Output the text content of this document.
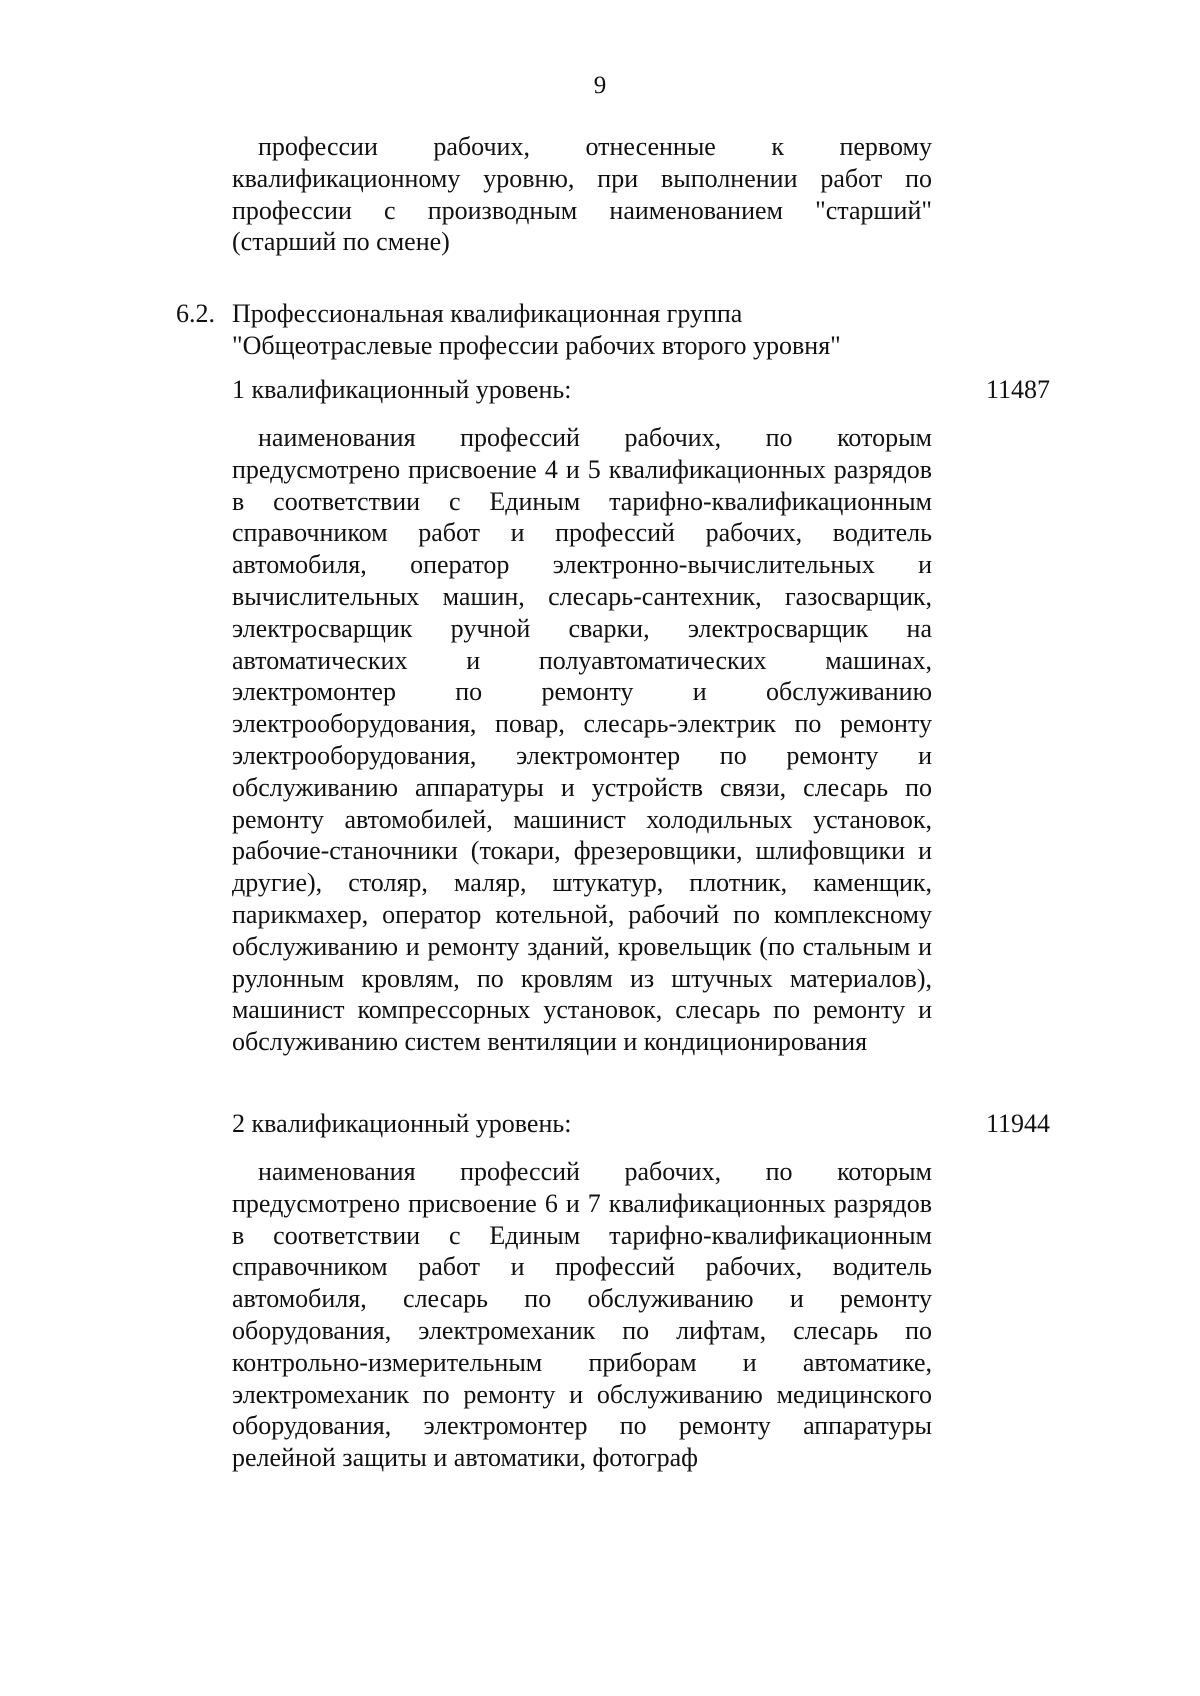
9
профессии рабочих, отнесенные к первому квалификационному уровню, при выполнении работ по профессии с производным наименованием "старший" (старший по смене)
6.2. Профессиональная квалификационная группа
"Общеотраслевые профессии рабочих второго уровня"
1 квалификационный уровень:	11487
наименования профессий рабочих, по которым предусмотрено присвоение 4 и 5 квалификационных разрядов в соответствии с Единым тарифно-квалификационным справочником работ и профессий рабочих, водитель автомобиля, оператор электронно-вычислительных и вычислительных машин, слесарь-сантехник, газосварщик, электросварщик ручной сварки, электросварщик на автоматических и полуавтоматических машинах, электромонтер по ремонту и обслуживанию электрооборудования, повар, слесарь-электрик по ремонту электрооборудования, электромонтер по ремонту и обслуживанию аппаратуры и устройств связи, слесарь по ремонту автомобилей, машинист холодильных установок, рабочие-станочники (токари, фрезеровщики, шлифовщики и другие), столяр, маляр, штукатур, плотник, каменщик, парикмахер, оператор котельной, рабочий по комплексному обслуживанию и ремонту зданий, кровельщик (по стальным и рулонным кровлям, по кровлям из штучных материалов), машинист компрессорных установок, слесарь по ремонту и обслуживанию систем вентиляции и кондиционирования
2 квалификационный уровень:	11944
наименования профессий рабочих, по которым предусмотрено присвоение 6 и 7 квалификационных разрядов в соответствии с Единым тарифно-квалификационным справочником работ и профессий рабочих, водитель автомобиля, слесарь по обслуживанию и ремонту оборудования, электромеханик по лифтам, слесарь по контрольно-измерительным приборам и автоматике, электромеханик по ремонту и обслуживанию медицинского оборудования, электромонтер по ремонту аппаратуры релейной защиты и автоматики, фотограф
